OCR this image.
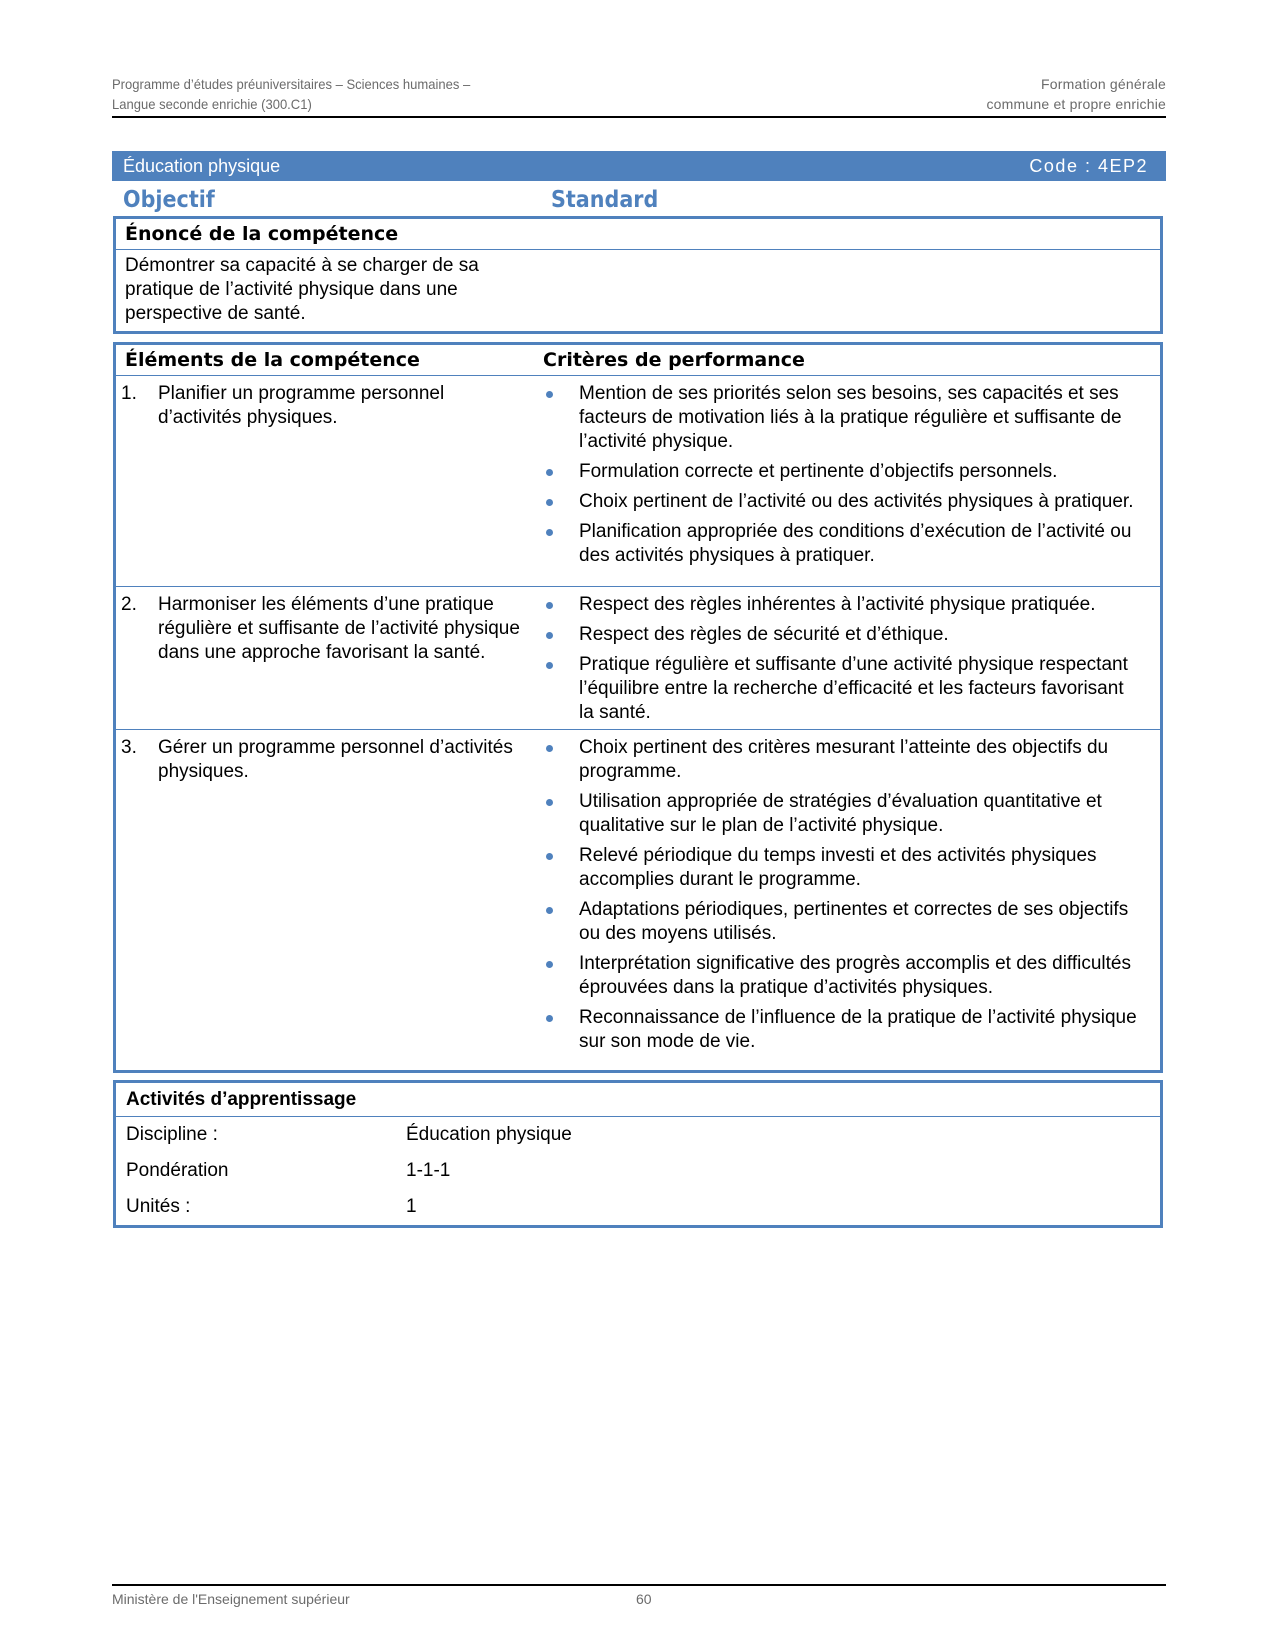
Programme d’études préuniversitaires – Sciences humaines –
Langue seconde enrichie (300.C1)
Formation générale
commune et propre enrichie
Éducation physique	Code : 4EP2
Objectif	Standard
Énoncé de la compétence
Démontrer sa capacité à se charger de sa pratique de l’activité physique dans une perspective de santé.
Éléments de la compétence	Critères de performance
1. Planifier un programme personnel d’activités physiques.
Mention de ses priorités selon ses besoins, ses capacités et ses facteurs de motivation liés à la pratique régulière et suffisante de l’activité physique.
Formulation correcte et pertinente d’objectifs personnels.
Choix pertinent de l’activité ou des activités physiques à pratiquer.
Planification appropriée des conditions d’exécution de l’activité ou des activités physiques à pratiquer.
2. Harmoniser les éléments d’une pratique régulière et suffisante de l’activité physique dans une approche favorisant la santé.
Respect des règles inhérentes à l’activité physique pratiquée.
Respect des règles de sécurité et d’éthique.
Pratique régulière et suffisante d’une activité physique respectant l’équilibre entre la recherche d’efficacité et les facteurs favorisant la santé.
3. Gérer un programme personnel d’activités physiques.
Choix pertinent des critères mesurant l’atteinte des objectifs du programme.
Utilisation appropriée de stratégies d’évaluation quantitative et qualitative sur le plan de l’activité physique.
Relevé périodique du temps investi et des activités physiques accomplies durant le programme.
Adaptations périodiques, pertinentes et correctes de ses objectifs ou des moyens utilisés.
Interprétation significative des progrès accomplis et des difficultés éprouvées dans la pratique d’activités physiques.
Reconnaissance de l’influence de la pratique de l’activité physique sur son mode de vie.
Activités d’apprentissage
Discipline :	Éducation physique
Pondération	1-1-1
Unités :	1
Ministère de l'Enseignement supérieur	60
